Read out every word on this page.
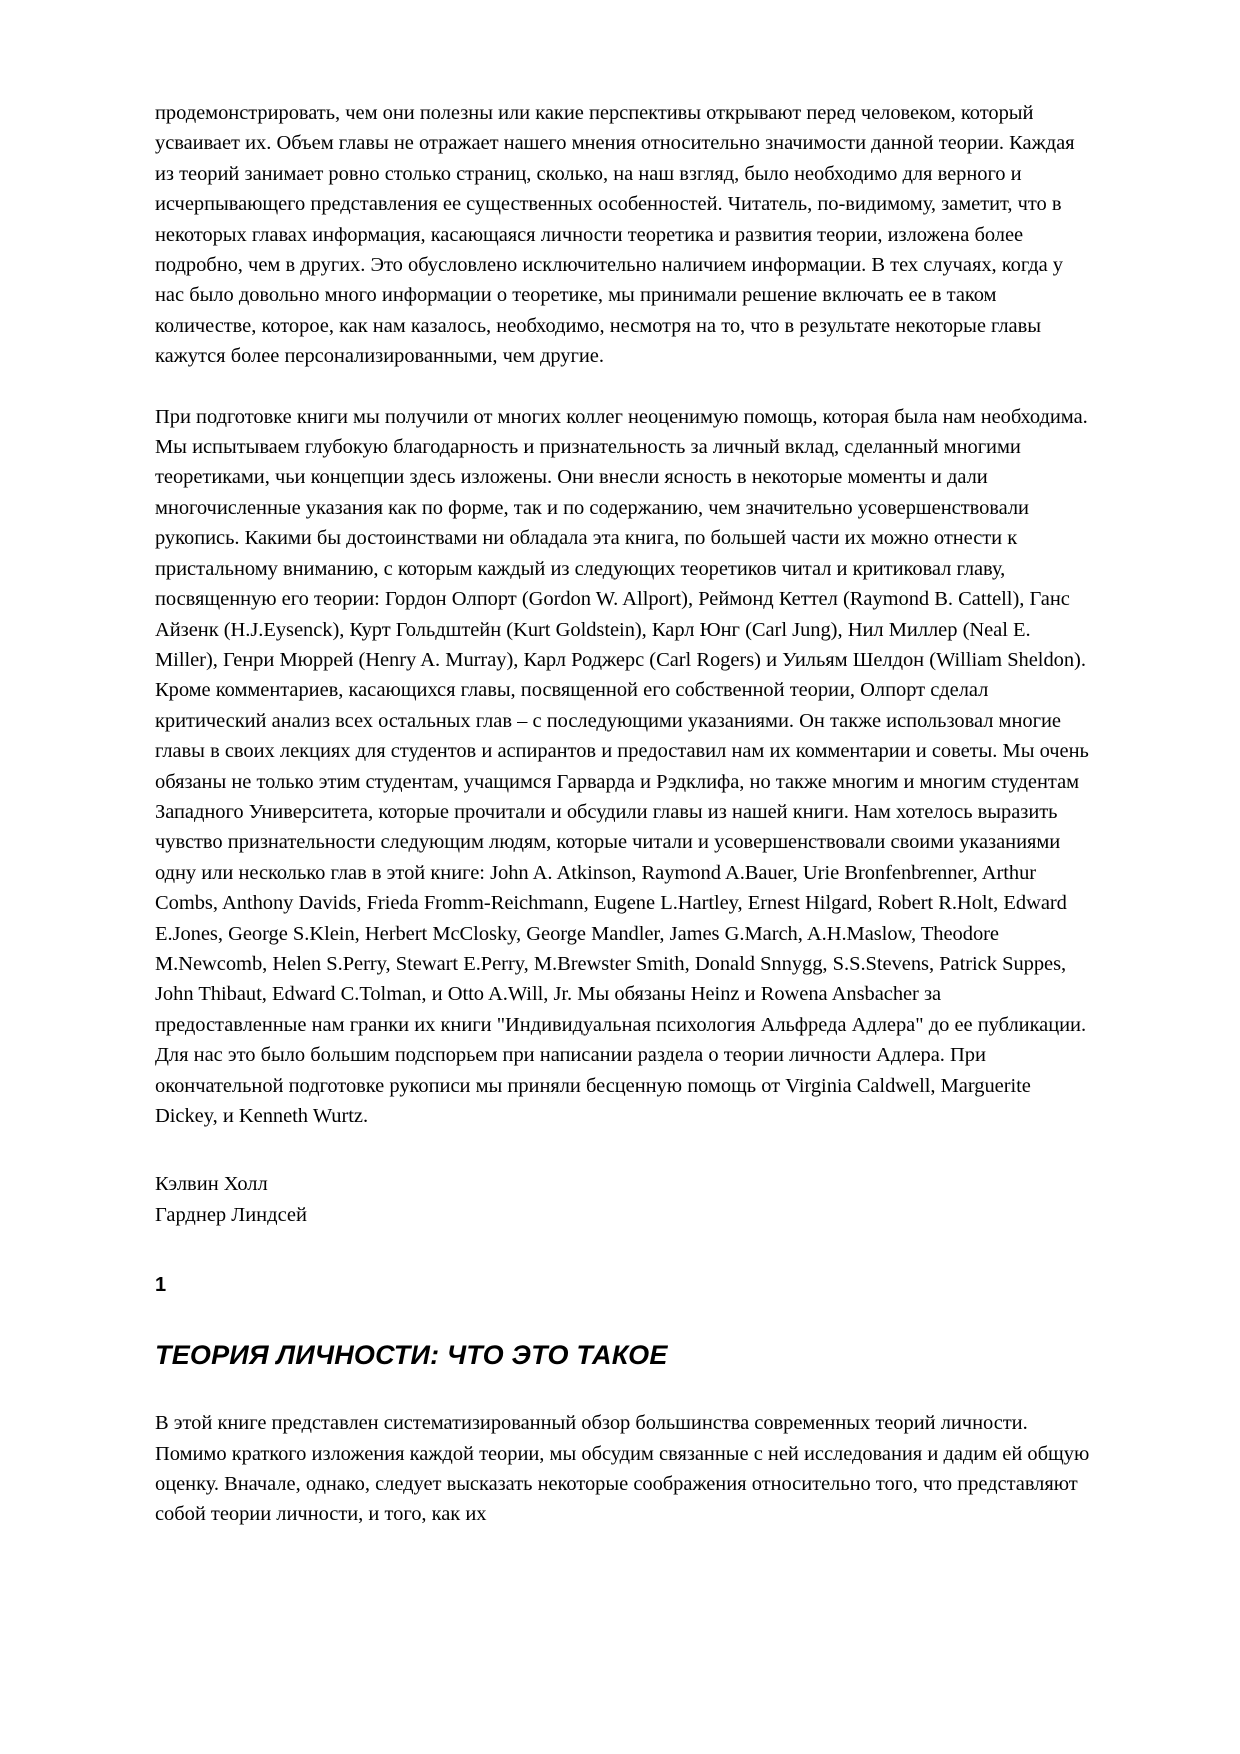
продемонстрировать, чем они полезны или какие перспективы открывают перед человеком, который усваивает их. Объем главы не отражает нашего мнения относительно значимости данной теории. Каждая из теорий занимает ровно столько страниц, сколько, на наш взгляд, было необходимо для верного и исчерпывающего представления ее существенных особенностей. Читатель, по-видимому, заметит, что в некоторых главах информация, касающаяся личности теоретика и развития теории, изложена более подробно, чем в других. Это обусловлено исключительно наличием информации. В тех случаях, когда у нас было довольно много информации о теоретике, мы принимали решение включать ее в таком количестве, которое, как нам казалось, необходимо, несмотря на то, что в результате некоторые главы кажутся более персонализированными, чем другие.

При подготовке книги мы получили от многих коллег неоценимую помощь, которая была нам необходима. Мы испытываем глубокую благодарность и признательность за личный вклад, сделанный многими теоретиками, чьи концепции здесь изложены. Они внесли ясность в некоторые моменты и дали многочисленные указания как по форме, так и по содержанию, чем значительно усовершенствовали рукопись. Какими бы достоинствами ни обладала эта книга, по большей части их можно отнести к пристальному вниманию, с которым каждый из следующих теоретиков читал и критиковал главу, посвященную его теории: Гордон Олпорт (Gordon W. Allport), Реймонд Кеттел (Raymond B. Cattell), Ганс Айзенк (H.J.Eysenck), Курт Гольдштейн (Kurt Goldstein), Карл Юнг (Carl Jung), Нил Миллер (Neal E. Miller), Генри Мюррей (Henry A. Murray), Карл Роджерс (Carl Rogers) и Уильям Шелдон (William Sheldon). Кроме комментариев, касающихся главы, посвященной его собственной теории, Олпорт сделал критический анализ всех остальных глав – с последующими указаниями. Он также использовал многие главы в своих лекциях для студентов и аспирантов и предоставил нам их комментарии и советы. Мы очень обязаны не только этим студентам, учащимся Гарварда и Рэдклифа, но также многим и многим студентам Западного Университета, которые прочитали и обсудили главы из нашей книги. Нам хотелось выразить чувство признательности следующим людям, которые читали и усовершенствовали своими указаниями одну или несколько глав в этой книге: John A. Atkinson, Raymond A.Bauer, Urie Bronfenbrenner, Arthur Combs, Anthony Davids, Frieda Fromm-Reichmann, Eugene L.Hartley, Ernest Hilgard, Robert R.Holt, Edward E.Jones, George S.Klein, Herbert McClosky, George Mandler, James G.March, A.H.Maslow, Theodore M.Newcomb, Helen S.Perry, Stewart E.Perry, M.Brewster Smith, Donald Snnygg, S.S.Stevens, Patrick Suppes, John Thibaut, Edward C.Tolman, и Otto A.Will, Jr. Мы обязаны Heinz и Rowena Ansbacher за предоставленные нам гранки их книги "Индивидуальная психология Альфреда Адлера" до ее публикации. Для нас это было большим подспорьем при написании раздела о теории личности Адлера. При окончательной подготовке рукописи мы приняли бесценную помощь от Virginia Caldwell, Marguerite Dickey, и Kenneth Wurtz.

Кэлвин Холл

Гарднер Линдсей

1

ТЕОРИЯ ЛИЧНОСТИ: ЧТО ЭТО ТАКОЕ

В этой книге представлен систематизированный обзор большинства современных теорий личности. Помимо краткого изложения каждой теории, мы обсудим связанные с ней исследования и дадим ей общую оценку. Вначале, однако, следует высказать некоторые соображения относительно того, что представляют собой теории личности, и того, как их
